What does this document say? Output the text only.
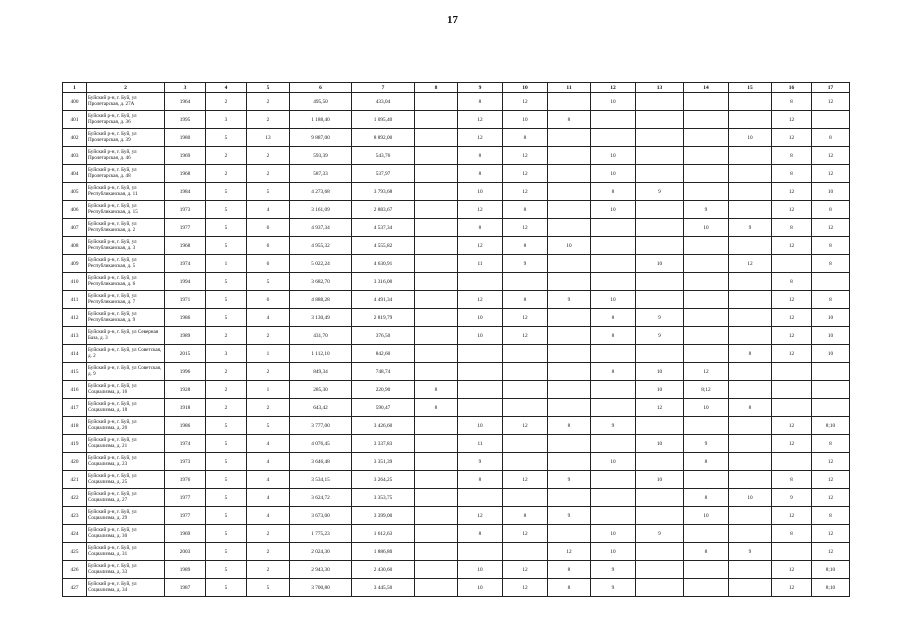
17
1	2	3	4	5	6	7	8	9	10	11	12	13	14	15	16	17
400	Буйский р-н, г. Буй, ул Пролетарская, д. 27А	1964	2	2	495,50	433,04		8	12		10				8	12
401	Буйский р-н, г. Буй, ул Пролетарская, д. 36	1995	3	2	1 188,40	1 095,40		12	10	8					12	
402	Буйский р-н, г. Буй, ул Пролетарская, д. 39	1980	5	13	9 887,00	8 892,00		12	8					10	12	8
403	Буйский р-н, г. Буй, ул Пролетарская, д. 46	1969	2	2	593,39	543,76		8	12		10				8	12
404	Буйский р-н, г. Буй, ул Пролетарская, д. 48	1968	2	2	587,33	537,97		8	12		10				8	12
405	Буйский р-н, г. Буй, ул Республиканская, д. 11	1984	5	5	4 273,68	3 793,68		10	12		8	9			12	10
406	Буйский р-н, г. Буй, ул Республиканская, д. 15	1973	5	4	3 161,09	2 883,67		12	8		10		9		12	8
407	Буйский р-н, г. Буй, ул Республиканская, д. 2	1977	5	6	4 937,34	4 537,34		8	12				10	9	8	12
408	Буйский р-н, г. Буй, ул Республиканская, д. 3	1968	5	6	4 955,32	4 555,82		12	8	10					12	8
409	Буйский р-н, г. Буй, ул Республиканская, д. 5	1974	1	6	5 022,24	4 630,91		11	9			10		12		8
410	Буйский р-н, г. Буй, ул Республиканская, д. 6	1994	5	5	3 682,70	3 316,00									8	
411	Буйский р-н, г. Буй, ул Республиканская, д. 7	1971	5	6	4 888,28	4 491,34		12	8	9	10				12	8
412	Буйский р-н, г. Буй, ул Республиканская, д. 9	1986	5	4	3 130,49	2 819,79		10	12		8	9			12	10
413	Буйский р-н, г. Буй, ул Северная База, д. 3	1989	2	2	431,70	376,50		10	12		8	9			12	10
414	Буйский р-н, г. Буй, ул Советская, д. 2	2015	3	1	1 112,10	842,60								8	12	10
415	Буйский р-н, г. Буй, ул Советская, д. 9	1996	2	2	849,34	748,74					8	10	12			
416	Буйский р-н, г. Буй, ул Социализма, д. 16	1928	2	1	285,30	220,90	8					10	8;12			
417	Буйский р-н, г. Буй, ул Социализма, д. 18	1918	2	2	643,42	590,47	8					12	10	8		
418	Буйский р-н, г. Буй, ул Социализма, д. 20	1986	5	5	3 777,00	3 426,60		10	12	8	9				12	8;10
419	Буйский р-н, г. Буй, ул Социализма, д. 21	1974	5	4	4 076,45	3 337,83		11				10	9		12	8
420	Буйский р-н, г. Буй, ул Социализма, д. 23	1973	5	4	3 646,48	3 351,39		9			10		8			12
421	Буйский р-н, г. Буй, ул Социализма, д. 25	1976	5	4	3 534,15	3 264,25		8	12	9		10			8	12
422	Буйский р-н, г. Буй, ул Социализма, д. 27	1977	5	4	3 624,72	3 353,75							8	10	9	12
423	Буйский р-н, г. Буй, ул Социализма, д. 29	1977	5	4	3 673,00	3 399,00		12	8	9			10		12	8
424	Буйский р-н, г. Буй, ул Социализма, д. 30	1969	5	2	1 775,23	1 612,63		8	12		10	9			8	12
425	Буйский р-н, г. Буй, ул Социализма, д. 31	2003	5	2	2 024,30	1 886,80				12	10		8	9		12
426	Буйский р-н, г. Буй, ул Социализма, д. 33	1989	5	2	2 943,30	2 430,60		10	12	8	9				12	8;10
427	Буйский р-н, г. Буй, ул Социализма, д. 34	1987	5	5	3 700,80	3 445,50		10	12	8	9				12	8;10
